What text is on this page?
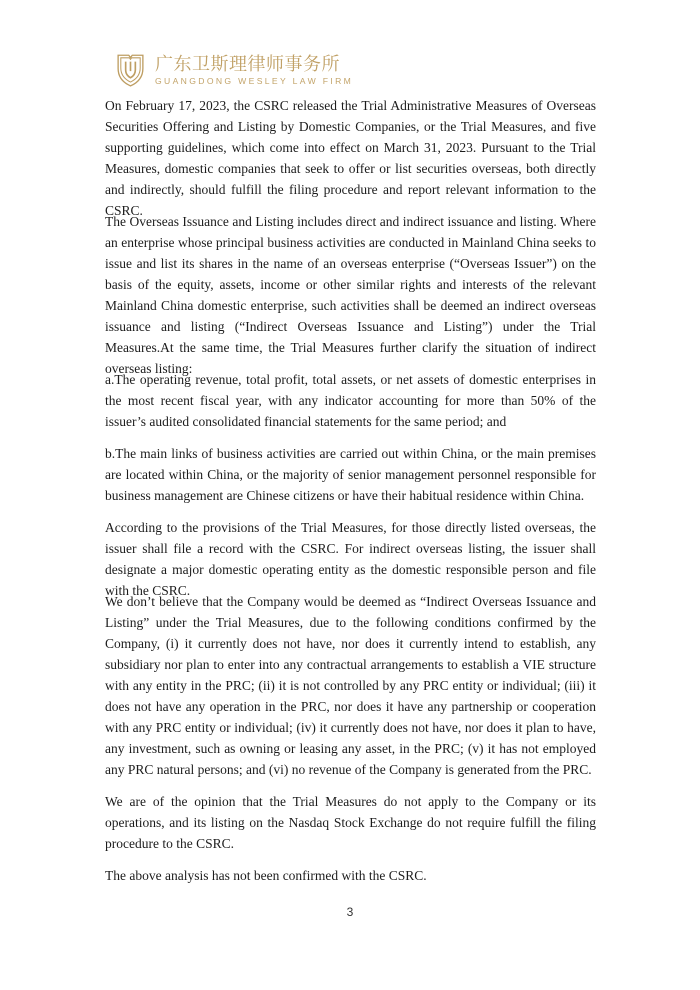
广东卫斯理律师事务所
GUANGDONG WESLEY LAW FIRM

On February 17, 2023, the CSRC released the Trial Administrative Measures of Overseas Securities Offering and Listing by Domestic Companies, or the Trial Measures, and five supporting guidelines, which come into effect on March 31, 2023. Pursuant to the Trial Measures, domestic companies that seek to offer or list securities overseas, both directly and indirectly, should fulfill the filing procedure and report relevant information to the CSRC.

The Overseas Issuance and Listing includes direct and indirect issuance and listing. Where an enterprise whose principal business activities are conducted in Mainland China seeks to issue and list its shares in the name of an overseas enterprise (“Overseas Issuer”) on the basis of the equity, assets, income or other similar rights and interests of the relevant Mainland China domestic enterprise, such activities shall be deemed an indirect overseas issuance and listing (“Indirect Overseas Issuance and Listing”) under the Trial Measures.At the same time, the Trial Measures further clarify the situation of indirect overseas listing:

a.The operating revenue, total profit, total assets, or net assets of domestic enterprises in the most recent fiscal year, with any indicator accounting for more than 50% of the issuer’s audited consolidated financial statements for the same period; and

b.The main links of business activities are carried out within China, or the main premises are located within China, or the majority of senior management personnel responsible for business management are Chinese citizens or have their habitual residence within China.

According to the provisions of the Trial Measures, for those directly listed overseas, the issuer shall file a record with the CSRC. For indirect overseas listing, the issuer shall designate a major domestic operating entity as the domestic responsible person and file with the CSRC.

We don’t believe that the Company would be deemed as “Indirect Overseas Issuance and Listing” under the Trial Measures, due to the following conditions confirmed by the Company, (i) it currently does not have, nor does it currently intend to establish, any subsidiary nor plan to enter into any contractual arrangements to establish a VIE structure with any entity in the PRC; (ii) it is not controlled by any PRC entity or individual; (iii) it does not have any operation in the PRC, nor does it have any partnership or cooperation with any PRC entity or individual; (iv) it currently does not have, nor does it plan to have, any investment, such as owning or leasing any asset, in the PRC; (v) it has not employed any PRC natural persons; and (vi) no revenue of the Company is generated from the PRC.

We are of the opinion that the Trial Measures do not apply to the Company or its operations, and its listing on the Nasdaq Stock Exchange do not require fulfill the filing procedure to the CSRC.

The above analysis has not been confirmed with the CSRC.

3
